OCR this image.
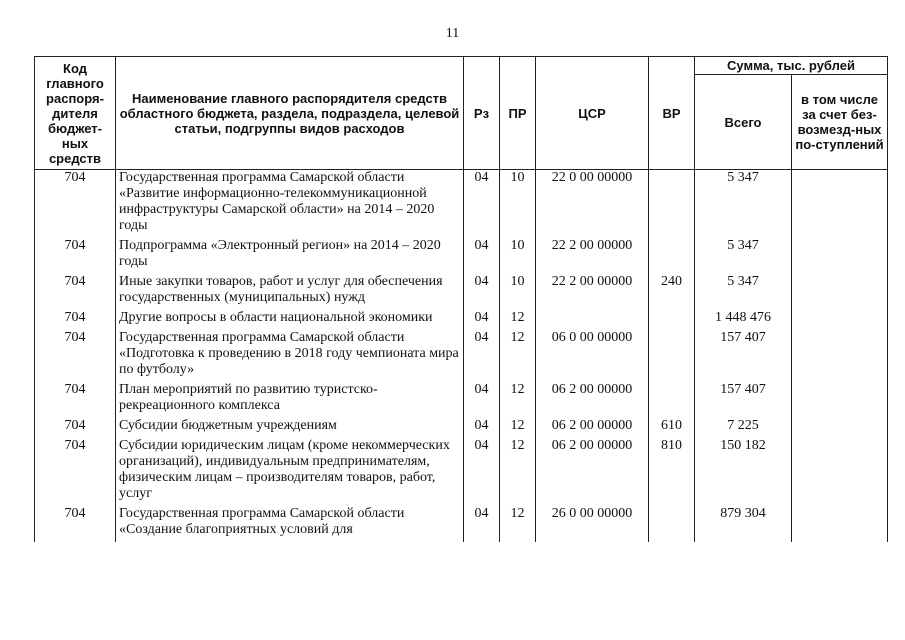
11
Код главного распоря-дителя бюджет-ных средств	Наименование главного распорядителя средств областного бюджета, раздела, подраздела, целевой статьи, подгруппы видов расходов	Рз	ПР	ЦСР	ВР	Сумма, тыс. рублей	
						Всего	в том числе за счет без-возмезд-ных по-ступлений
704	Государственная программа Самарской области «Развитие информационно-телекоммуникационной инфраструктуры Самарской области» на 2014 – 2020 годы	04	10	22 0 00 00000		5 347	
704	Подпрограмма «Электронный регион» на 2014 – 2020 годы	04	10	22 2 00 00000		5 347	
704	Иные закупки товаров, работ и услуг для обеспечения государственных (муниципальных) нужд	04	10	22 2 00 00000	240	5 347	
704	Другие вопросы в области национальной экономики	04	12			1 448 476	
704	Государственная программа Самарской области «Подготовка к проведению в 2018 году чемпионата мира по футболу»	04	12	06 0 00 00000		157 407	
704	План мероприятий по развитию туристско-рекреационного комплекса	04	12	06 2 00 00000		157 407	
704	Субсидии бюджетным учреждениям	04	12	06 2 00 00000	610	7 225	
704	Субсидии юридическим лицам (кроме некоммерческих организаций), индивидуальным предпринимателям, физическим лицам – производителям товаров, работ, услуг	04	12	06 2 00 00000	810	150 182	
704	Государственная программа Самарской области «Создание благоприятных условий для	04	12	26 0 00 00000		879 304	
